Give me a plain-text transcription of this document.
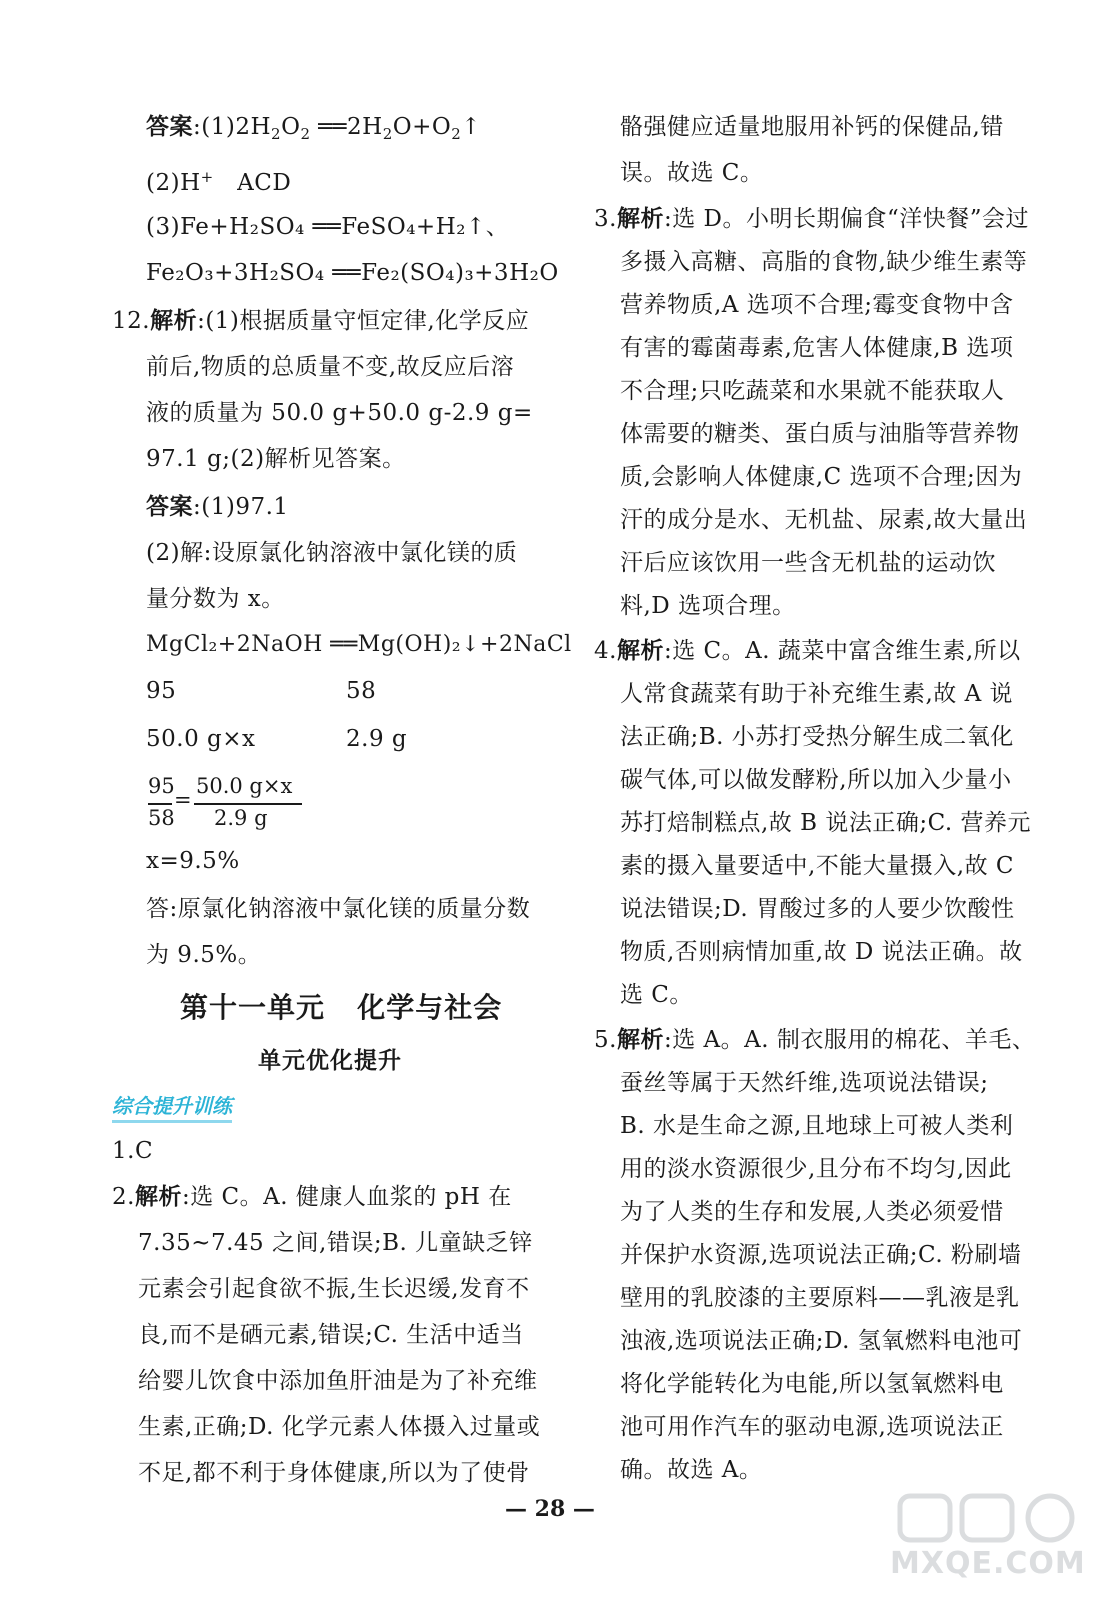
答案$:(1)2H_2O_2$ $══2H_2O+O_2↑$
(2)H+   ACD
(3)Fe+H₂SO₄ ══FeSO₄+H₂↑、
Fe₂O₃+3H₂SO₄ ══Fe₂(SO₄)₃+3H₂O
12.解析:(1)根据质量守恒定律,化学反应
前后,物质的总质量不变,故反应后溶
液的质量为 50.0 g+50.0 g-2.9 g=
97.1 g;(2)解析见答案。
答案:(1)97.1
(2)解:设原氯化钠溶液中氯化镁的质
量分数为 x。
MgCl₂+2NaOH ══Mg(OH)₂↓+2NaCl
95	58
50.0 g×x	2.9 g
95
58
=
50.0 g×x
2.9 g
x=9.5%
答:原氯化钠溶液中氯化镁的质量分数
为 9.5%。
第十一单元   化学与社会
单元优化提升
综合提升训练
1.C
2.解析:选 C。A. 健康人血浆的 pH 在
7.35~7.45 之间,错误;B. 儿童缺乏锌
元素会引起食欲不振,生长迟缓,发育不
良,而不是硒元素,错误;C. 生活中适当
给婴儿饮食中添加鱼肝油是为了补充维
生素,正确;D. 化学元素人体摄入过量或
不足,都不利于身体健康,所以为了使骨
骼强健应适量地服用补钙的保健品,错
误。故选 C。
3.解析:选 D。小明长期偏食“洋快餐”会过
多摄入高糖、高脂的食物,缺少维生素等
营养物质,A 选项不合理;霉变食物中含
有害的霉菌毒素,危害人体健康,B 选项
不合理;只吃蔬菜和水果就不能获取人
体需要的糖类、蛋白质与油脂等营养物
质,会影响人体健康,C 选项不合理;因为
汗的成分是水、无机盐、尿素,故大量出
汗后应该饮用一些含无机盐的运动饮
料,D 选项合理。
4.解析:选 C。A. 蔬菜中富含维生素,所以
人常食蔬菜有助于补充维生素,故 A 说
法正确;B. 小苏打受热分解生成二氧化
碳气体,可以做发酵粉,所以加入少量小
苏打焙制糕点,故 B 说法正确;C. 营养元
素的摄入量要适中,不能大量摄入,故 C
说法错误;D. 胃酸过多的人要少饮酸性
物质,否则病情加重,故 D 说法正确。故
选 C。
5.解析:选 A。A. 制衣服用的棉花、羊毛、
蚕丝等属于天然纤维,选项说法错误;
B. 水是生命之源,且地球上可被人类利
用的淡水资源很少,且分布不均匀,因此
为了人类的生存和发展,人类必须爱惜
并保护水资源,选项说法正确;C. 粉刷墙
壁用的乳胶漆的主要原料——乳液是乳
浊液,选项说法正确;D. 氢氧燃料电池可
将化学能转化为电能,所以氢氧燃料电
池可用作汽车的驱动电源,选项说法正
确。故选 A。
— 28 —
MXQE.COM
